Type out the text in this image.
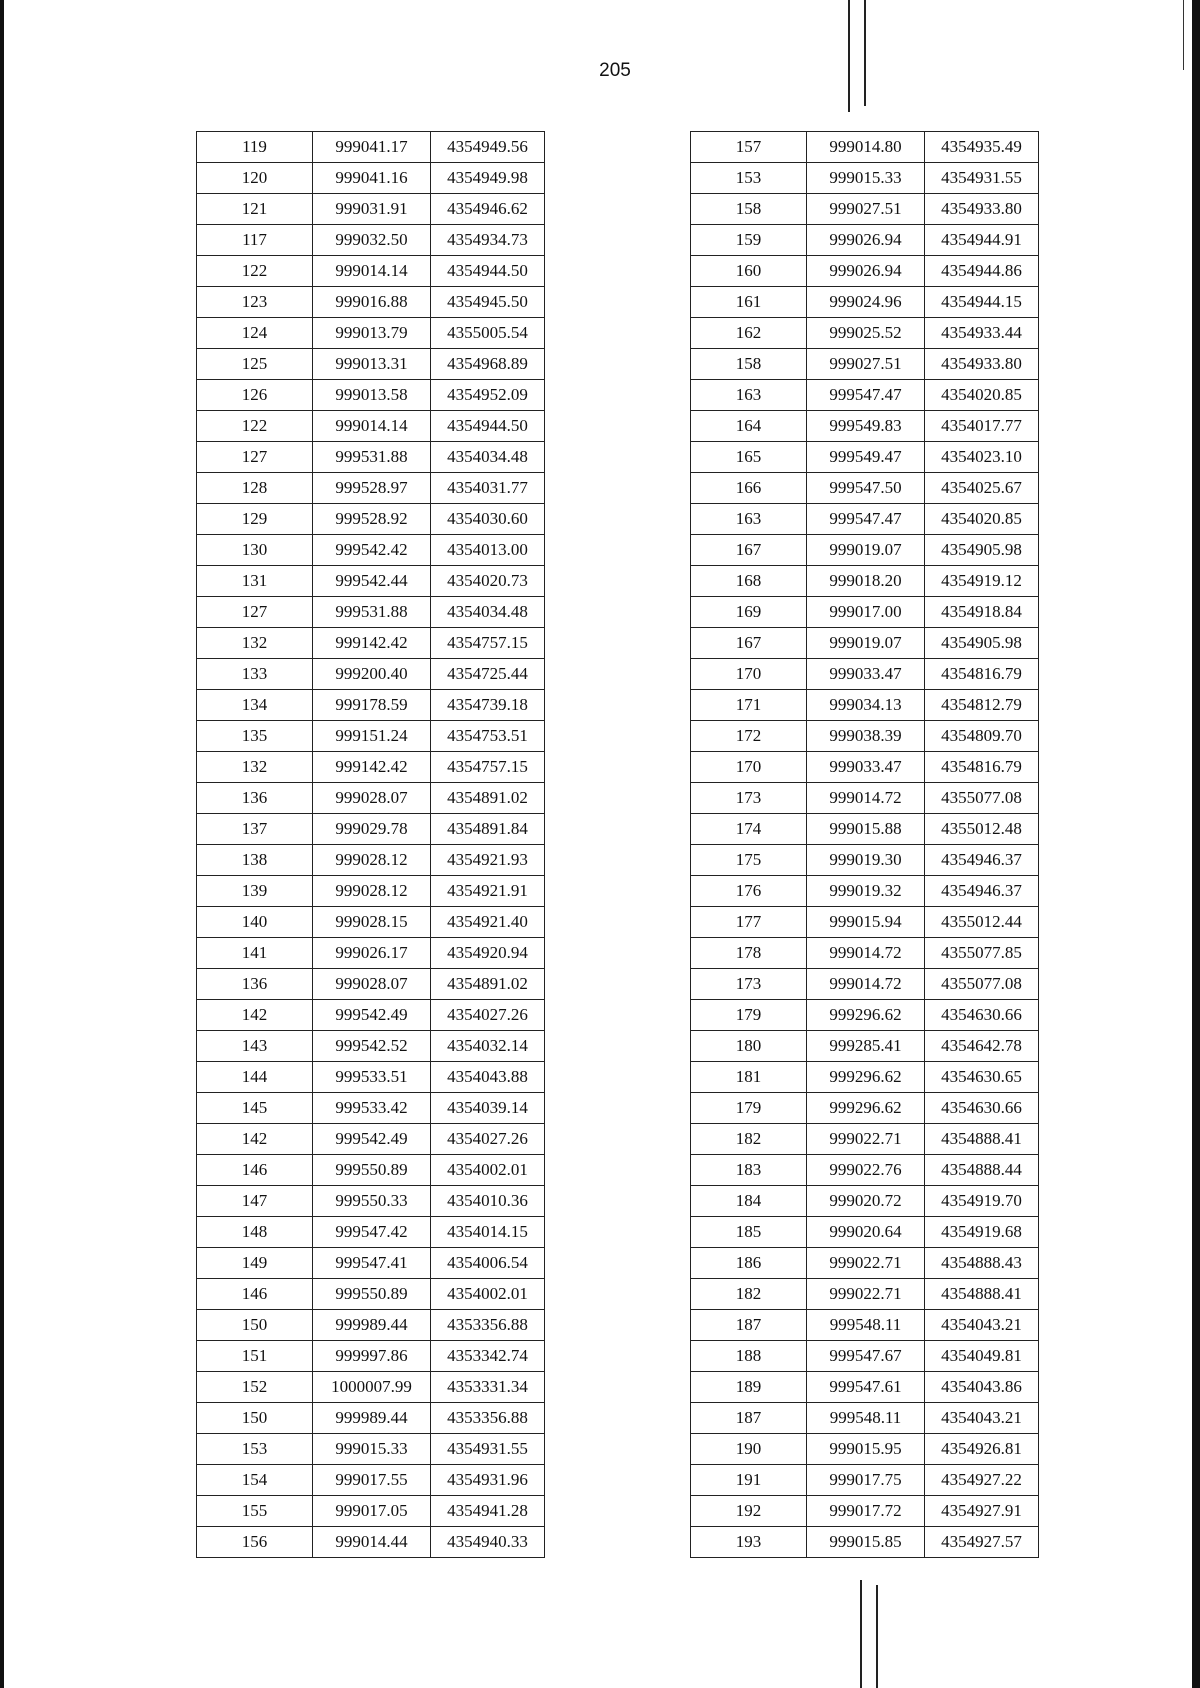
205
119	999041.17	4354949.56
120	999041.16	4354949.98
121	999031.91	4354946.62
117	999032.50	4354934.73
122	999014.14	4354944.50
123	999016.88	4354945.50
124	999013.79	4355005.54
125	999013.31	4354968.89
126	999013.58	4354952.09
122	999014.14	4354944.50
127	999531.88	4354034.48
128	999528.97	4354031.77
129	999528.92	4354030.60
130	999542.42	4354013.00
131	999542.44	4354020.73
127	999531.88	4354034.48
132	999142.42	4354757.15
133	999200.40	4354725.44
134	999178.59	4354739.18
135	999151.24	4354753.51
132	999142.42	4354757.15
136	999028.07	4354891.02
137	999029.78	4354891.84
138	999028.12	4354921.93
139	999028.12	4354921.91
140	999028.15	4354921.40
141	999026.17	4354920.94
136	999028.07	4354891.02
142	999542.49	4354027.26
143	999542.52	4354032.14
144	999533.51	4354043.88
145	999533.42	4354039.14
142	999542.49	4354027.26
146	999550.89	4354002.01
147	999550.33	4354010.36
148	999547.42	4354014.15
149	999547.41	4354006.54
146	999550.89	4354002.01
150	999989.44	4353356.88
151	999997.86	4353342.74
152	1000007.99	4353331.34
150	999989.44	4353356.88
153	999015.33	4354931.55
154	999017.55	4354931.96
155	999017.05	4354941.28
156	999014.44	4354940.33
157	999014.80	4354935.49
153	999015.33	4354931.55
158	999027.51	4354933.80
159	999026.94	4354944.91
160	999026.94	4354944.86
161	999024.96	4354944.15
162	999025.52	4354933.44
158	999027.51	4354933.80
163	999547.47	4354020.85
164	999549.83	4354017.77
165	999549.47	4354023.10
166	999547.50	4354025.67
163	999547.47	4354020.85
167	999019.07	4354905.98
168	999018.20	4354919.12
169	999017.00	4354918.84
167	999019.07	4354905.98
170	999033.47	4354816.79
171	999034.13	4354812.79
172	999038.39	4354809.70
170	999033.47	4354816.79
173	999014.72	4355077.08
174	999015.88	4355012.48
175	999019.30	4354946.37
176	999019.32	4354946.37
177	999015.94	4355012.44
178	999014.72	4355077.85
173	999014.72	4355077.08
179	999296.62	4354630.66
180	999285.41	4354642.78
181	999296.62	4354630.65
179	999296.62	4354630.66
182	999022.71	4354888.41
183	999022.76	4354888.44
184	999020.72	4354919.70
185	999020.64	4354919.68
186	999022.71	4354888.43
182	999022.71	4354888.41
187	999548.11	4354043.21
188	999547.67	4354049.81
189	999547.61	4354043.86
187	999548.11	4354043.21
190	999015.95	4354926.81
191	999017.75	4354927.22
192	999017.72	4354927.91
193	999015.85	4354927.57
